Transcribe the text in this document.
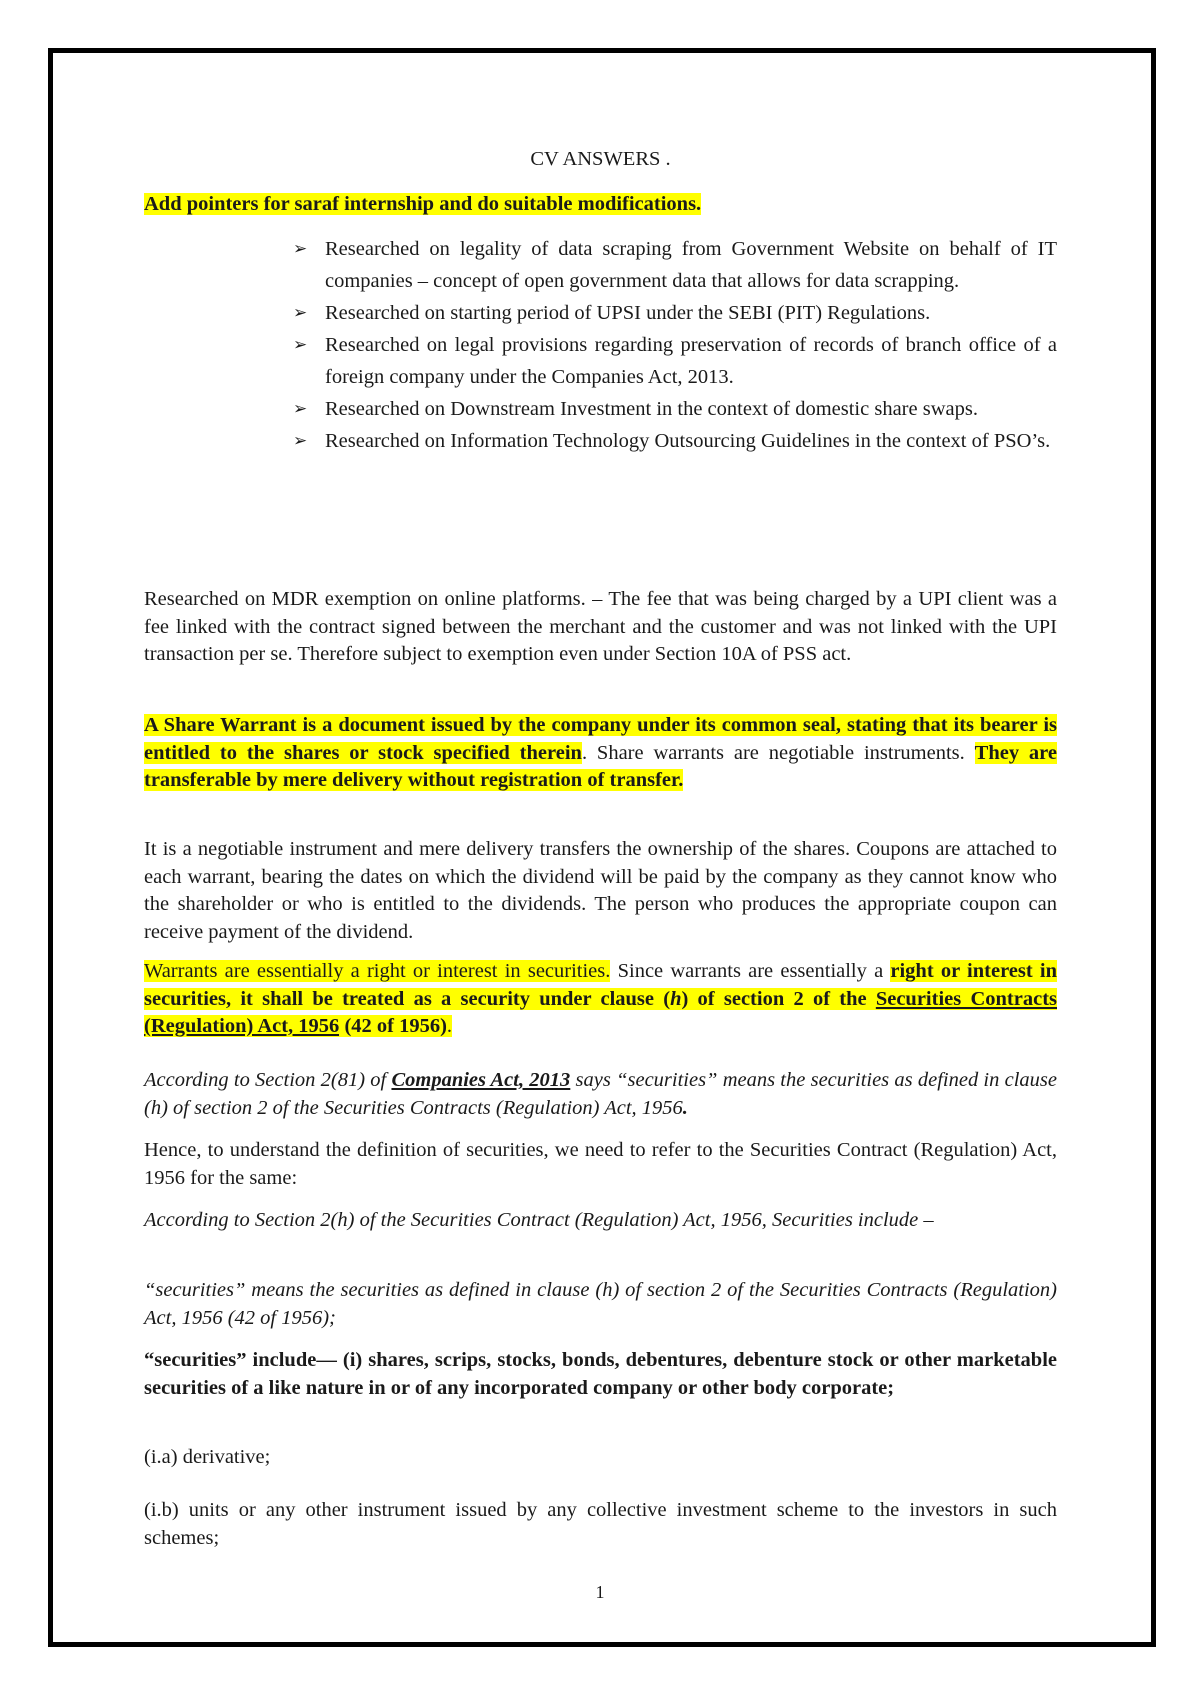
CV ANSWERS .
Add pointers for saraf internship and do suitable modifications.
➢ Researched on legality of data scraping from Government Website on behalf of IT companies – concept of open government data that allows for data scrapping.
➢ Researched on starting period of UPSI under the SEBI (PIT) Regulations.
➢ Researched on legal provisions regarding preservation of records of branch office of a foreign company under the Companies Act, 2013.
➢ Researched on Downstream Investment in the context of domestic share swaps.
➢ Researched on Information Technology Outsourcing Guidelines in the context of PSO’s.

Researched on MDR exemption on online platforms. – The fee that was being charged by a UPI client was a fee linked with the contract signed between the merchant and the customer and was not linked with the UPI transaction per se. Therefore subject to exemption even under Section 10A of PSS act.

A Share Warrant is a document issued by the company under its common seal, stating that its bearer is entitled to the shares or stock specified therein. Share warrants are negotiable instruments. They are transferable by mere delivery without registration of transfer.

It is a negotiable instrument and mere delivery transfers the ownership of the shares. Coupons are attached to each warrant, bearing the dates on which the dividend will be paid by the company as they cannot know who the shareholder or who is entitled to the dividends. The person who produces the appropriate coupon can receive payment of the dividend.

Warrants are essentially a right or interest in securities. Since warrants are essentially a right or interest in securities, it shall be treated as a security under clause (h) of section 2 of the Securities Contracts (Regulation) Act, 1956 (42 of 1956).

According to Section 2(81) of Companies Act, 2013 says “securities” means the securities as defined in clause (h) of section 2 of the Securities Contracts (Regulation) Act, 1956.

Hence, to understand the definition of securities, we need to refer to the Securities Contract (Regulation) Act, 1956 for the same:

According to Section 2(h) of the Securities Contract (Regulation) Act, 1956, Securities include –

“securities” means the securities as defined in clause (h) of section 2 of the Securities Contracts (Regulation) Act, 1956 (42 of 1956);

“securities” include— (i) shares, scrips, stocks, bonds, debentures, debenture stock or other marketable securities of a like nature in or of any incorporated company or other body corporate;

(i.a) derivative;

(i.b) units or any other instrument issued by any collective investment scheme to the investors in such schemes;

1
